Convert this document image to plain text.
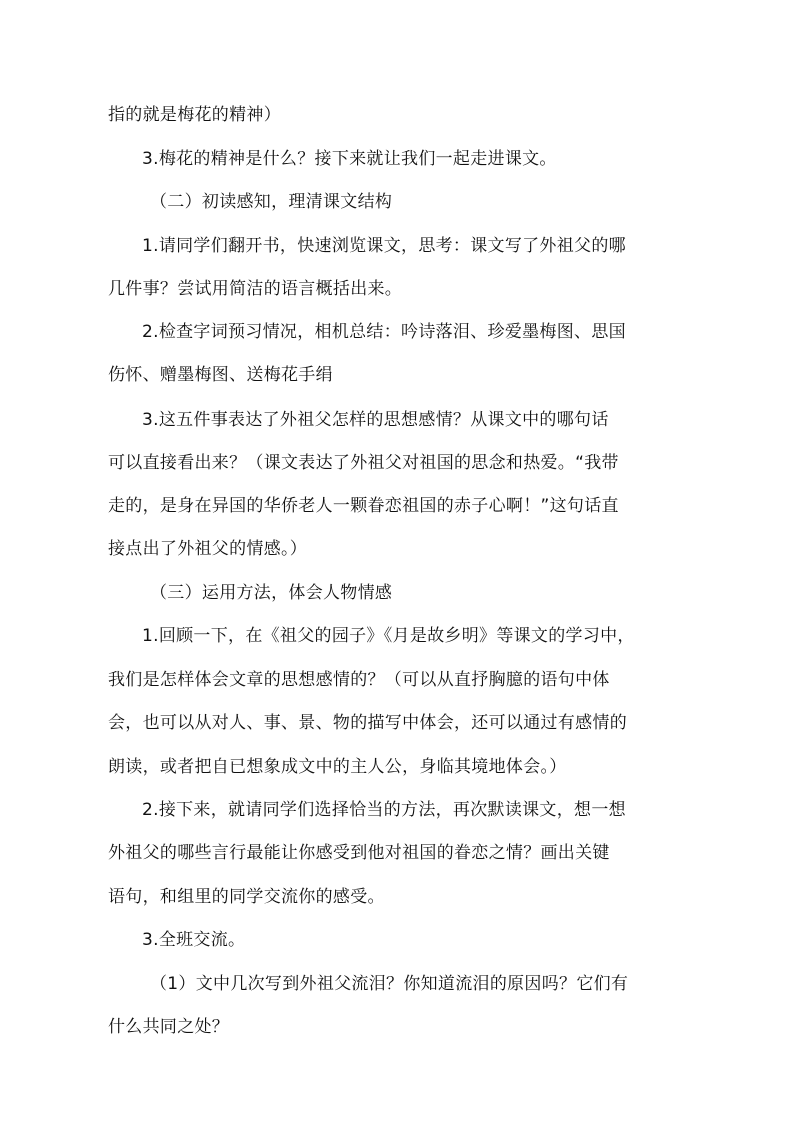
指的就是梅花的精神）
3.梅花的精神是什么？接下来就让我们一起走进课文。
（二）初读感知，理清课文结构
1.请同学们翻开书，快速浏览课文，思考：课文写了外祖父的哪
几件事？尝试用简洁的语言概括出来。
2.检查字词预习情况，相机总结：吟诗落泪、珍爱墨梅图、思国
伤怀、赠墨梅图、送梅花手绢
3.这五件事表达了外祖父怎样的思想感情？从课文中的哪句话
可以直接看出来？（课文表达了外祖父对祖国的思念和热爱。“我带
走的，是身在异国的华侨老人一颗眷恋祖国的赤子心啊！”这句话直
接点出了外祖父的情感。）
（三）运用方法，体会人物情感
1.回顾一下，在《祖父的园子》《月是故乡明》等课文的学习中，
我们是怎样体会文章的思想感情的？（可以从直抒胸臆的语句中体
会，也可以从对人、事、景、物的描写中体会，还可以通过有感情的
朗读，或者把自已想象成文中的主人公，身临其境地体会。）
2.接下来，就请同学们选择恰当的方法，再次默读课文，想一想
外祖父的哪些言行最能让你感受到他对祖国的眷恋之情？画出关键
语句，和组里的同学交流你的感受。
3.全班交流。
（1）文中几次写到外祖父流泪？你知道流泪的原因吗？它们有
什么共同之处？
